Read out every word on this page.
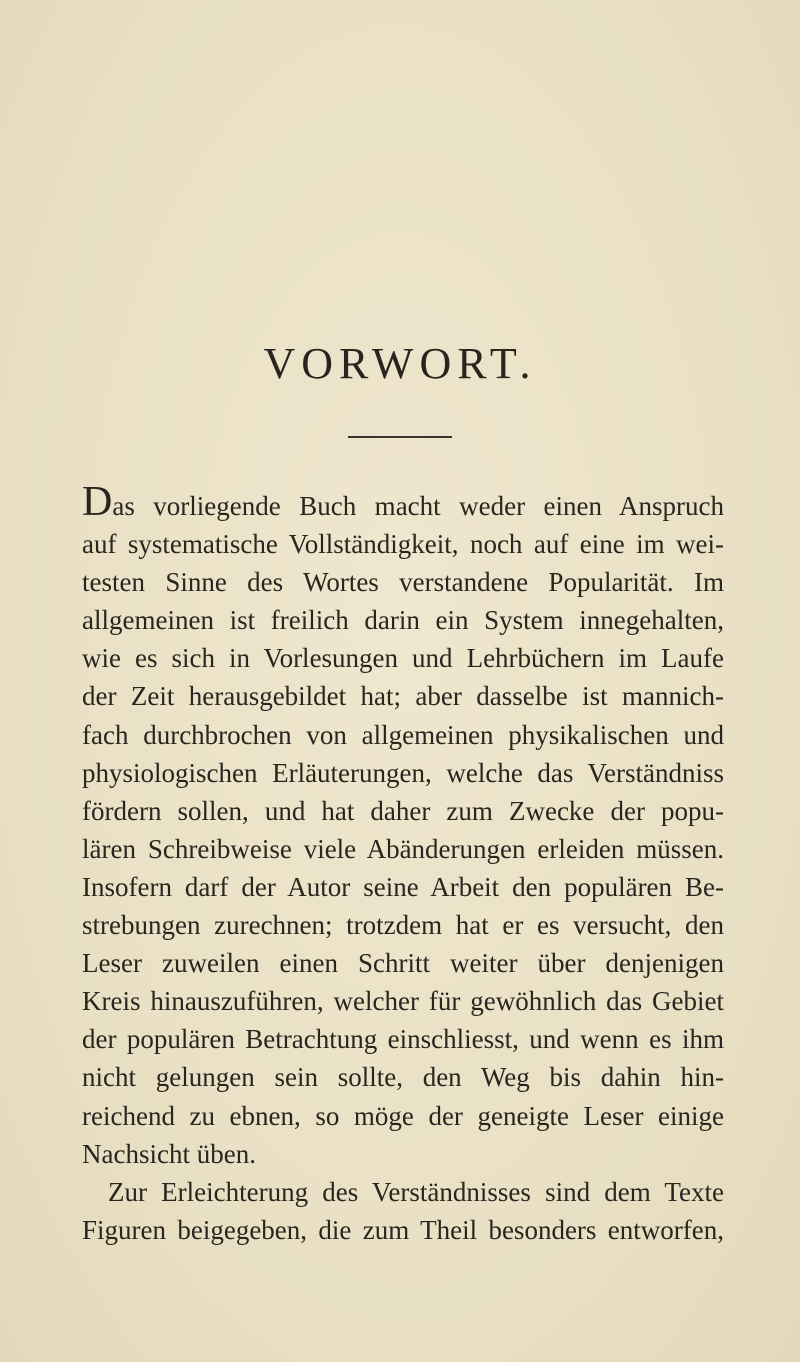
VORWORT.
Das vorliegende Buch macht weder einen Anspruch
auf systematische Vollständigkeit, noch auf eine im wei-
testen Sinne des Wortes verstandene Popularität. Im
allgemeinen ist freilich darin ein System innegehalten,
wie es sich in Vorlesungen und Lehrbüchern im Laufe
der Zeit herausgebildet hat; aber dasselbe ist mannich-
fach durchbrochen von allgemeinen physikalischen und
physiologischen Erläuterungen, welche das Verständniss
fördern sollen, und hat daher zum Zwecke der popu-
lären Schreibweise viele Abänderungen erleiden müssen.
Insofern darf der Autor seine Arbeit den populären Be-
strebungen zurechnen; trotzdem hat er es versucht, den
Leser zuweilen einen Schritt weiter über denjenigen
Kreis hinauszuführen, welcher für gewöhnlich das Gebiet
der populären Betrachtung einschliesst, und wenn es ihm
nicht gelungen sein sollte, den Weg bis dahin hin-
reichend zu ebnen, so möge der geneigte Leser einige
Nachsicht üben.
Zur Erleichterung des Verständnisses sind dem Texte
Figuren beigegeben, die zum Theil besonders entworfen,
